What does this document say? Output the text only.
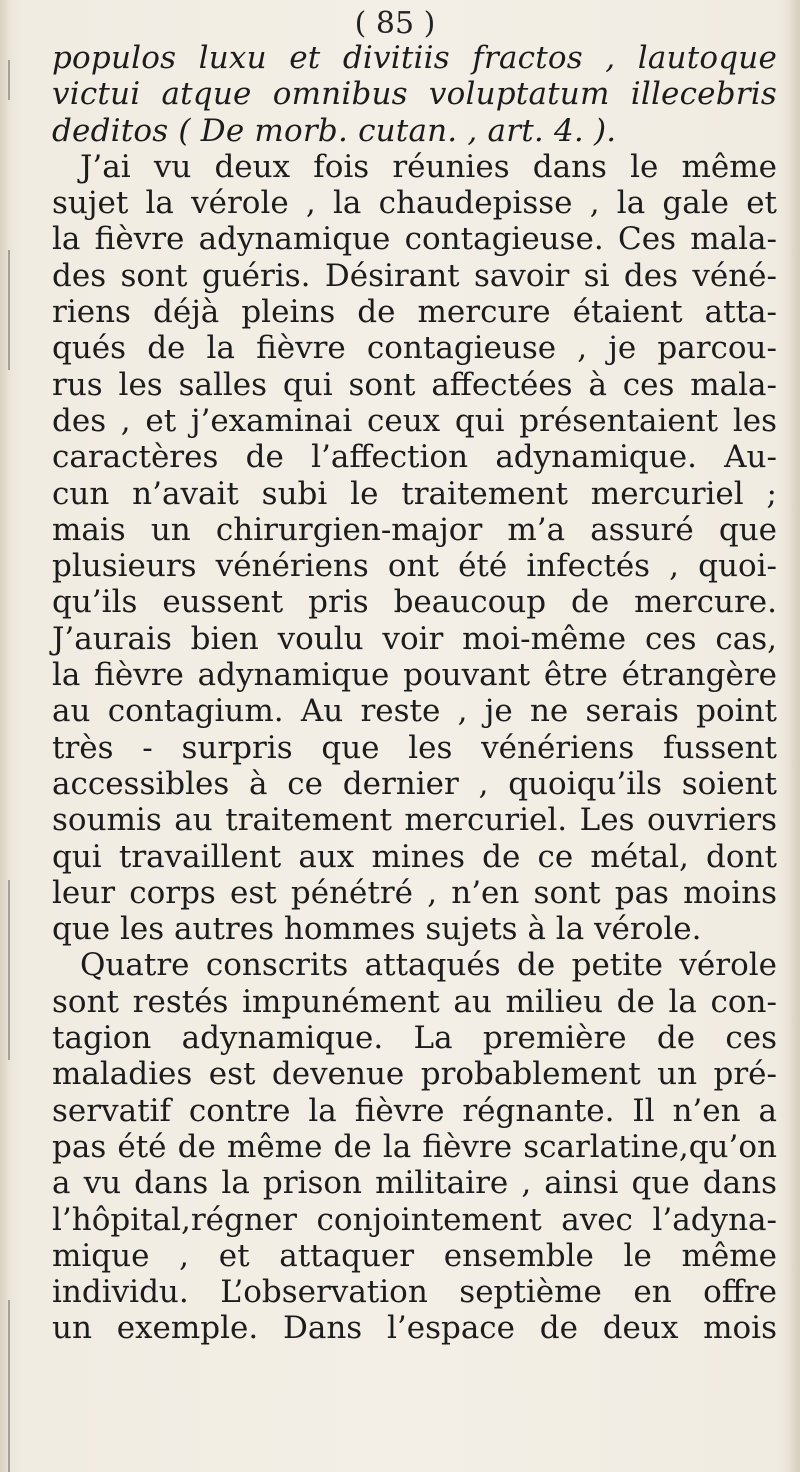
( 85 )
populos luxu et divitiis fractos , lautoque
victui atque omnibus voluptatum illecebris
deditos ( De morb. cutan. , art. 4. ).
J’ai vu deux fois réunies dans le même
sujet la vérole , la chaudepisse , la gale et
la fièvre adynamique contagieuse. Ces mala-
des sont guéris. Désirant savoir si des véné-
riens déjà pleins de mercure étaient atta-
qués de la fièvre contagieuse , je parcou-
rus les salles qui sont affectées à ces mala-
des , et j’examinai ceux qui présentaient les
caractères de l’affection adynamique. Au-
cun n’avait subi le traitement mercuriel ;
mais un chirurgien-major m’a assuré que
plusieurs vénériens ont été infectés , quoi-
qu’ils eussent pris beaucoup de mercure.
J’aurais bien voulu voir moi-même ces cas,
la fièvre adynamique pouvant être étrangère
au contagium. Au reste , je ne serais point
très - surpris que les vénériens fussent
accessibles à ce dernier , quoiqu’ils soient
soumis au traitement mercuriel. Les ouvriers
qui travaillent aux mines de ce métal, dont
leur corps est pénétré , n’en sont pas moins
que les autres hommes sujets à la vérole.
Quatre conscrits attaqués de petite vérole
sont restés impunément au milieu de la con-
tagion adynamique. La première de ces
maladies est devenue probablement un pré-
servatif contre la fièvre régnante. Il n’en a
pas été de même de la fièvre scarlatine,qu’on
a vu dans la prison militaire , ainsi que dans
l’hôpital,régner conjointement avec l’adyna-
mique , et attaquer ensemble le même
individu. L’observation septième en offre
un exemple. Dans l’espace de deux mois
